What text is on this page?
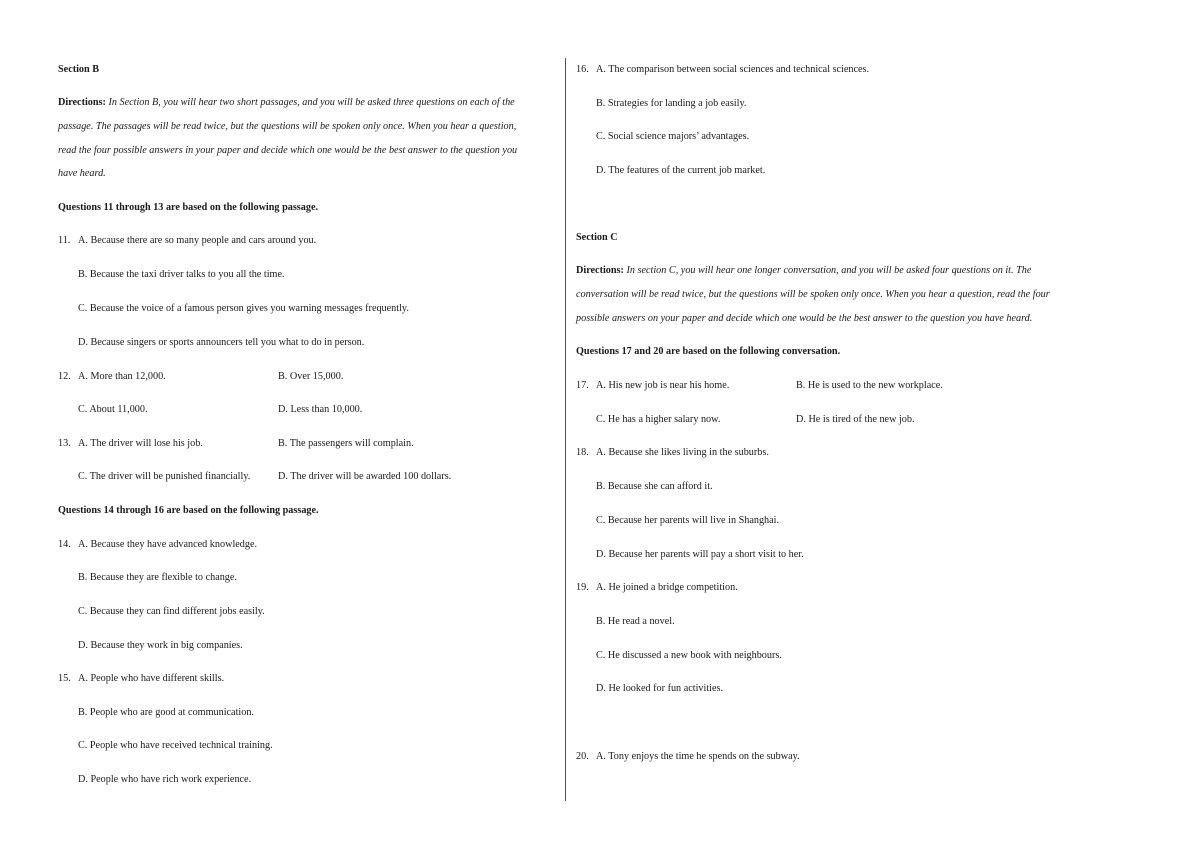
Section B
Directions: In Section B, you will hear two short passages, and you will be asked three questions on each of the
passage. The passages will be read twice, but the questions will be spoken only once. When you hear a question,
read the four possible answers in your paper and decide which one would be the best answer to the question you
have heard.
Questions 11 through 13 are based on the following passage.
11. A. Because there are so many people and cars around you.
B. Because the taxi driver talks to you all the time.
C. Because the voice of a famous person gives you warning messages frequently.
D. Because singers or sports announcers tell you what to do in person.
12. A. More than 12,000.	B. Over 15,000.
C. About 11,000.	D. Less than 10,000.
13. A. The driver will lose his job.	B. The passengers will complain.
C. The driver will be punished financially.	D. The driver will be awarded 100 dollars.
Questions 14 through 16 are based on the following passage.
14. A. Because they have advanced knowledge.
B. Because they are flexible to change.
C. Because they can find different jobs easily.
D. Because they work in big companies.
15. A. People who have different skills.
B. People who are good at communication.
C. People who have received technical training.
D. People who have rich work experience.
16. A. The comparison between social sciences and technical sciences.
B. Strategies for landing a job easily.
C. Social science majors’ advantages.
D. The features of the current job market.
Section C
Directions: In section C, you will hear one longer conversation, and you will be asked four questions on it. The
conversation will be read twice, but the questions will be spoken only once. When you hear a question, read the four
possible answers on your paper and decide which one would be the best answer to the question you have heard.
Questions 17 and 20 are based on the following conversation.
17. A. His new job is near his home.	B. He is used to the new workplace.
C. He has a higher salary now.	D. He is tired of the new job.
18. A. Because she likes living in the suburbs.
B. Because she can afford it.
C. Because her parents will live in Shanghai.
D. Because her parents will pay a short visit to her.
19. A. He joined a bridge competition.
B. He read a novel.
C. He discussed a new book with neighbours.
D. He looked for fun activities.
20. A. Tony enjoys the time he spends on the subway.
